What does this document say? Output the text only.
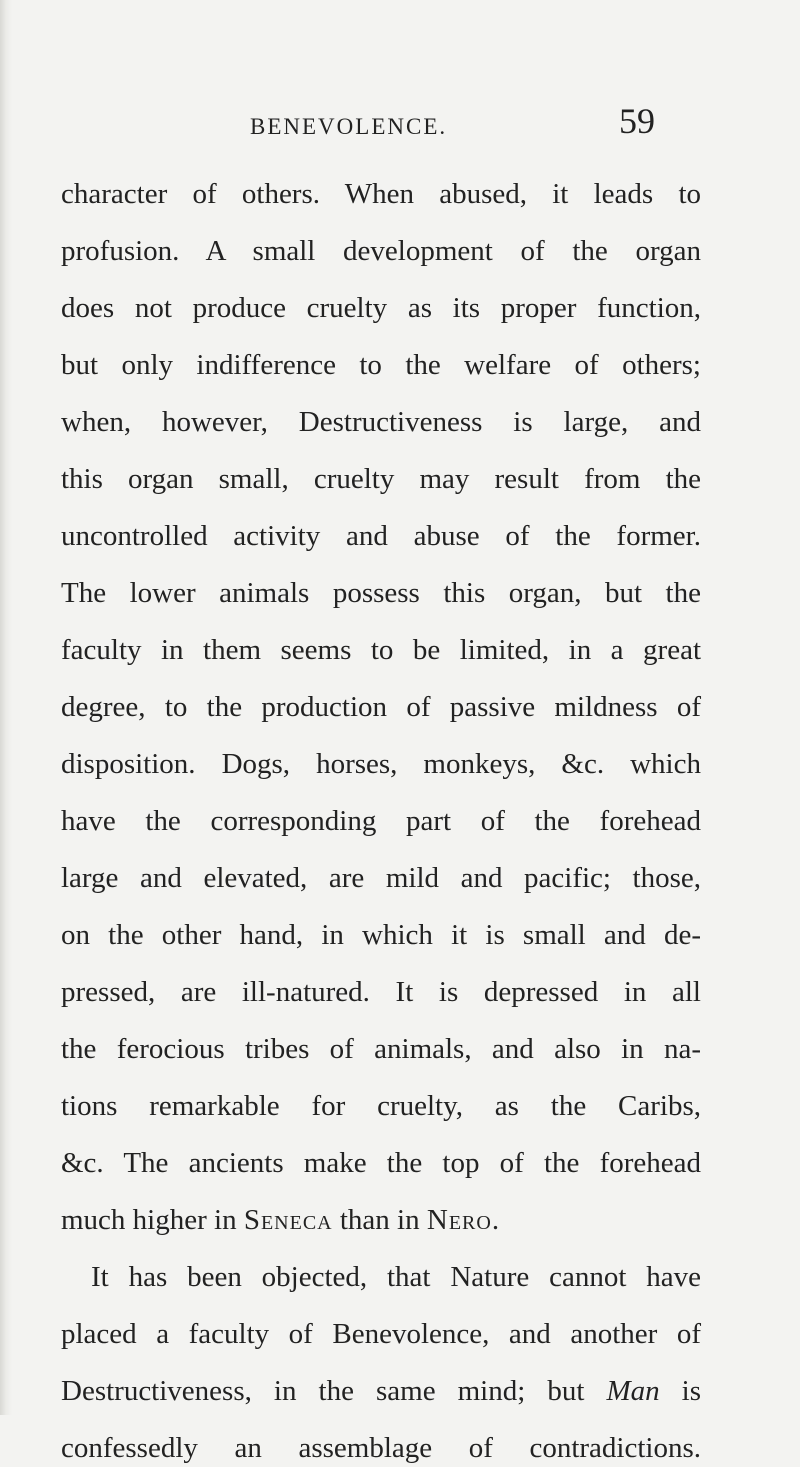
BENEVOLENCE.	59
character of others. When abused, it leads to
profusion. A small development of the organ
does not produce cruelty as its proper function,
but only indifference to the welfare of others;
when, however, Destructiveness is large, and
this organ small, cruelty may result from the
uncontrolled activity and abuse of the former.
The lower animals possess this organ, but the
faculty in them seems to be limited, in a great
degree, to the production of passive mildness of
disposition. Dogs, horses, monkeys, &c. which
have the corresponding part of the forehead
large and elevated, are mild and pacific; those,
on the other hand, in which it is small and de-
pressed, are ill-natured. It is depressed in all
the ferocious tribes of animals, and also in na-
tions remarkable for cruelty, as the Caribs,
&c. The ancients make the top of the forehead
much higher in Seneca than in Nero.
It has been objected, that Nature cannot have
placed a faculty of Benevolence, and another of
Destructiveness, in the same mind; but Man is
confessedly an assemblage of contradictions.
